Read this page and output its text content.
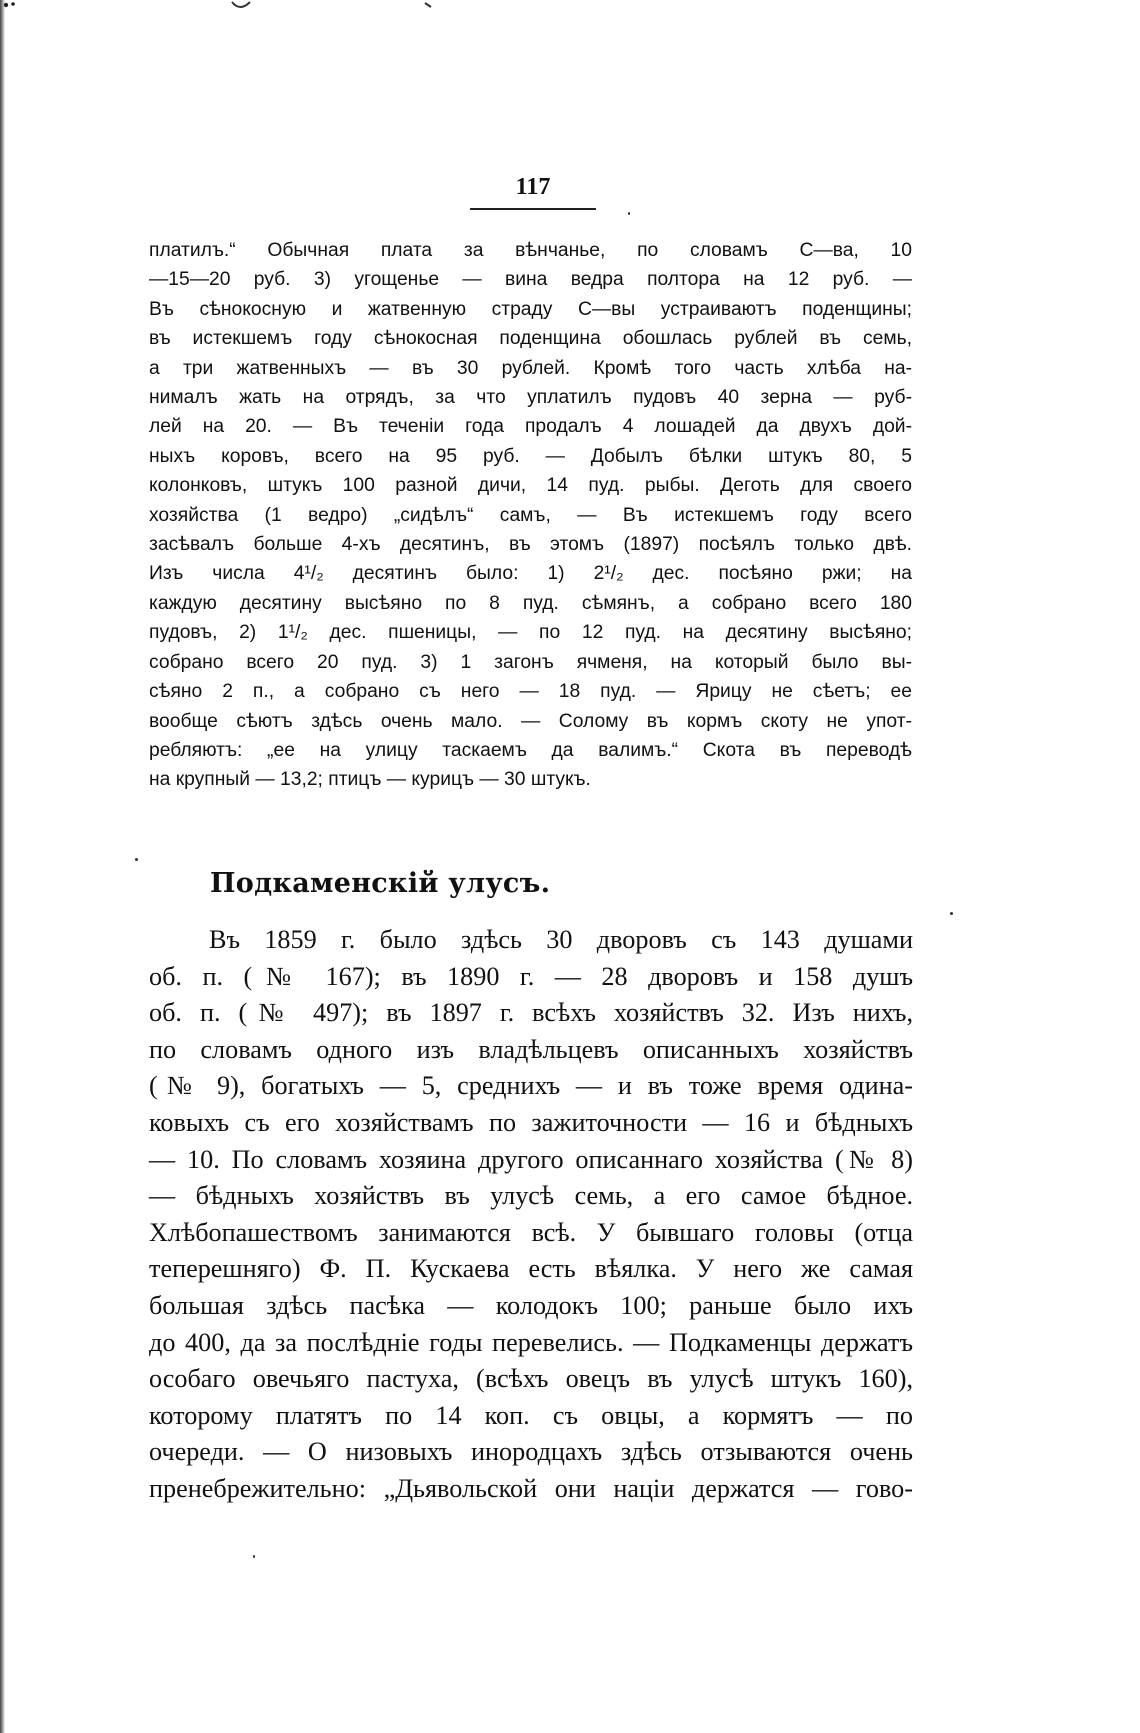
117
платилъ.“ Обычная плата за вѣнчанье, по словамъ С—ва, 10
—15—20 руб. 3) угощенье — вина ведра полтора на 12 руб. —
Въ сѣнокосную и жатвенную страду С—вы устраиваютъ поденщины;
въ истекшемъ году сѣнокосная поденщина обошлась рублей въ семь,
а три жатвенныхъ — въ 30 рублей. Кромѣ того часть хлѣба на-
нималъ жать на отрядъ, за что уплатилъ пудовъ 40 зерна — руб-
лей на 20. — Въ теченіи года продалъ 4 лошадей да двухъ дой-
ныхъ коровъ, всего на 95 руб. — Добылъ бѣлки штукъ 80, 5
колонковъ, штукъ 100 разной дичи, 14 пуд. рыбы. Деготь для своего
хозяйства (1 ведро) „сидѣлъ“ самъ, — Въ истекшемъ году всего
засѣвалъ больше 4-хъ десятинъ, въ этомъ (1897) посѣялъ только двѣ.
Изъ числа 4¹/₂ десятинъ было: 1) 2¹/₂ дес. посѣяно ржи; на
каждую десятину высѣяно по 8 пуд. сѣмянъ, а собрано всего 180
пудовъ, 2) 1¹/₂ дес. пшеницы, — по 12 пуд. на десятину высѣяно;
собрано всего 20 пуд. 3) 1 загонъ ячменя, на который было вы-
сѣяно 2 п., а собрано съ него — 18 пуд. — Ярицу не сѣетъ; ее
вообще сѣютъ здѣсь очень мало. — Солому въ кормъ скоту не упот-
ребляютъ: „ее на улицу таскаемъ да валимъ.“ Скота въ переводѣ
на крупный — 13,2; птицъ — курицъ — 30 штукъ.
Подкаменскій улусъ.
Въ 1859 г. было здѣсь 30 дворовъ съ 143 душами
об. п. (№ 167); въ 1890 г. — 28 дворовъ и 158 душъ
об. п. (№ 497); въ 1897 г. всѣхъ хозяйствъ 32. Изъ нихъ,
по словамъ одного изъ владѣльцевъ описанныхъ хозяйствъ
(№ 9), богатыхъ — 5, среднихъ — и въ тоже время одина-
ковыхъ съ его хозяйствамъ по зажиточности — 16 и бѣдныхъ
— 10. По словамъ хозяина другого описаннаго хозяйства (№ 8)
— бѣдныхъ хозяйствъ въ улусѣ семь, а его самое бѣдное.
Хлѣбопашествомъ занимаются всѣ. У бывшаго головы (отца
теперешняго) Ф. П. Кускаева есть вѣялка. У него же самая
большая здѣсь пасѣка — колодокъ 100; раньше было ихъ
до 400, да за послѣдніе годы перевелись. — Подкаменцы держатъ
особаго овечьяго пастуха, (всѣхъ овецъ въ улусѣ штукъ 160),
которому платятъ по 14 коп. съ овцы, а кормятъ — по
очереди. — О низовыхъ инородцахъ здѣсь отзываются очень
пренебрежительно: „Дьявольской они націи держатся — гово-
